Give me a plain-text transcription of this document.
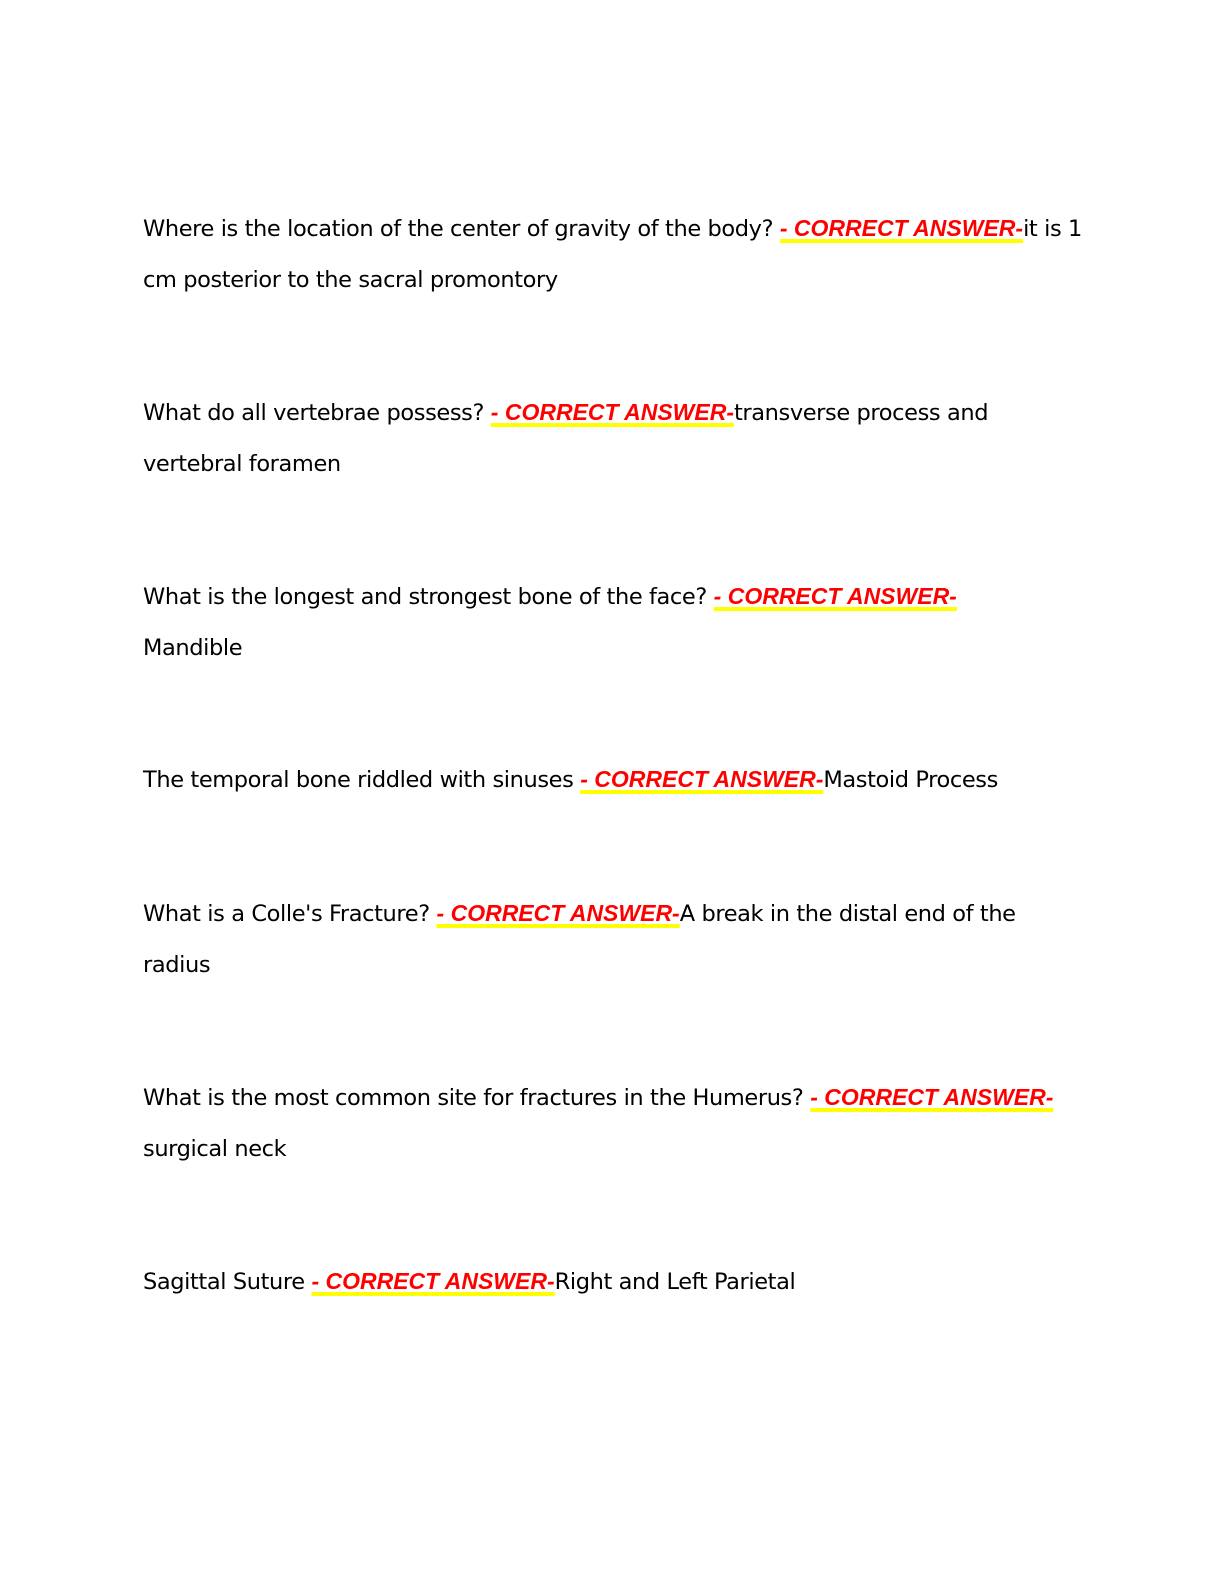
Where is the location of the center of gravity of the body? - CORRECT ANSWER-it is 1 cm posterior to the sacral promontory
What do all vertebrae possess? - CORRECT ANSWER-transverse process and vertebral foramen
What is the longest and strongest bone of the face? - CORRECT ANSWER-
Mandible
The temporal bone riddled with sinuses - CORRECT ANSWER-Mastoid Process
What is a Colle's Fracture? - CORRECT ANSWER-A break in the distal end of the radius
What is the most common site for fractures in the Humerus? - CORRECT ANSWER-surgical neck
Sagittal Suture - CORRECT ANSWER-Right and Left Parietal
